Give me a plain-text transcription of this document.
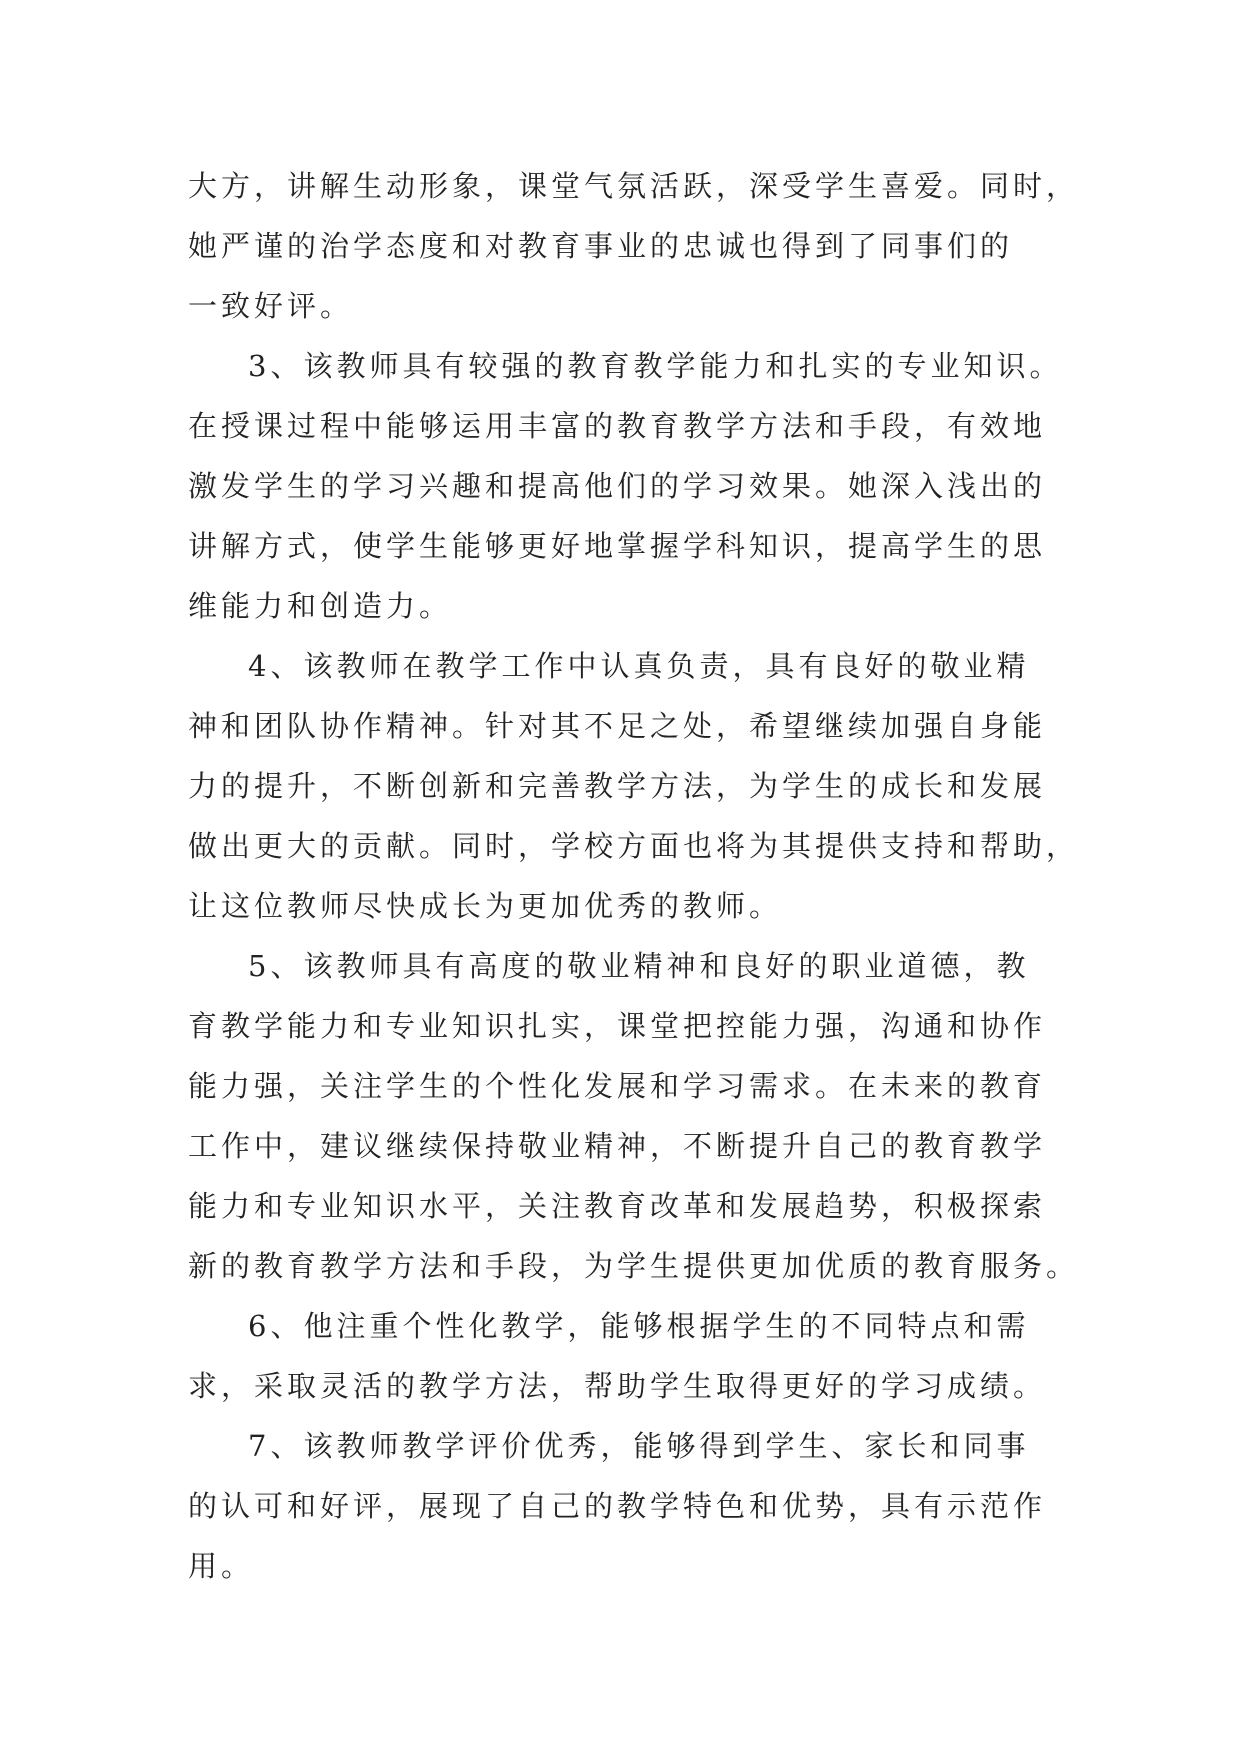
大方，讲解生动形象，课堂气氛活跃，深受学生喜爱。同时，
她严谨的治学态度和对教育事业的忠诚也得到了同事们的
一致好评。
3、该教师具有较强的教育教学能力和扎实的专业知识。
在授课过程中能够运用丰富的教育教学方法和手段，有效地
激发学生的学习兴趣和提高他们的学习效果。她深入浅出的
讲解方式，使学生能够更好地掌握学科知识，提高学生的思
维能力和创造力。
4、该教师在教学工作中认真负责，具有良好的敬业精
神和团队协作精神。针对其不足之处，希望继续加强自身能
力的提升，不断创新和完善教学方法，为学生的成长和发展
做出更大的贡献。同时，学校方面也将为其提供支持和帮助，
让这位教师尽快成长为更加优秀的教师。
5、该教师具有高度的敬业精神和良好的职业道德，教
育教学能力和专业知识扎实，课堂把控能力强，沟通和协作
能力强，关注学生的个性化发展和学习需求。在未来的教育
工作中，建议继续保持敬业精神，不断提升自己的教育教学
能力和专业知识水平，关注教育改革和发展趋势，积极探索
新的教育教学方法和手段，为学生提供更加优质的教育服务。
6、他注重个性化教学，能够根据学生的不同特点和需
求，采取灵活的教学方法，帮助学生取得更好的学习成绩。
7、该教师教学评价优秀，能够得到学生、家长和同事
的认可和好评，展现了自己的教学特色和优势，具有示范作
用。
